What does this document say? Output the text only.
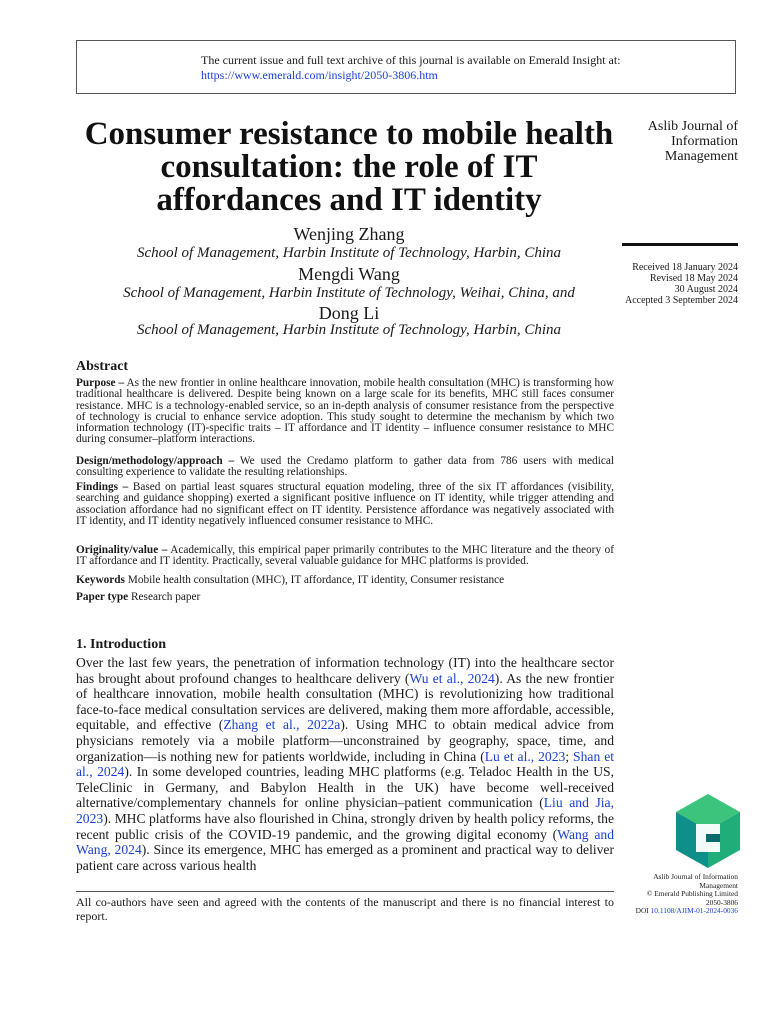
The current issue and full text archive of this journal is available on Emerald Insight at:
https://www.emerald.com/insight/2050-3806.htm
Consumer resistance to mobile health consultation: the role of IT affordances and IT identity
Wenjing Zhang
School of Management, Harbin Institute of Technology, Harbin, China
Mengdi Wang
School of Management, Harbin Institute of Technology, Weihai, China, and
Dong Li
School of Management, Harbin Institute of Technology, Harbin, China
Aslib Journal of Information Management
Received 18 January 2024
Revised 18 May 2024
30 August 2024
Accepted 3 September 2024
Abstract
Purpose – As the new frontier in online healthcare innovation, mobile health consultation (MHC) is transforming how traditional healthcare is delivered. Despite being known on a large scale for its benefits, MHC still faces consumer resistance. MHC is a technology-enabled service, so an in-depth analysis of consumer resistance from the perspective of technology is crucial to enhance service adoption. This study sought to determine the mechanism by which two information technology (IT)-specific traits – IT affordance and IT identity – influence consumer resistance to MHC during consumer–platform interactions.
Design/methodology/approach – We used the Credamo platform to gather data from 786 users with medical consulting experience to validate the resulting relationships.
Findings – Based on partial least squares structural equation modeling, three of the six IT affordances (visibility, searching and guidance shopping) exerted a significant positive influence on IT identity, while trigger attending and association affordance had no significant effect on IT identity. Persistence affordance was negatively associated with IT identity, and IT identity negatively influenced consumer resistance to MHC.
Originality/value – Academically, this empirical paper primarily contributes to the MHC literature and the theory of IT affordance and IT identity. Practically, several valuable guidance for MHC platforms is provided.
Keywords Mobile health consultation (MHC), IT affordance, IT identity, Consumer resistance
Paper type Research paper
1. Introduction
Over the last few years, the penetration of information technology (IT) into the healthcare sector has brought about profound changes to healthcare delivery (Wu et al., 2024). As the new frontier of healthcare innovation, mobile health consultation (MHC) is revolutionizing how traditional face-to-face medical consultation services are delivered, making them more affordable, accessible, equitable, and effective (Zhang et al., 2022a). Using MHC to obtain medical advice from physicians remotely via a mobile platform—unconstrained by geography, space, time, and organization—is nothing new for patients worldwide, including in China (Lu et al., 2023; Shan et al., 2024). In some developed countries, leading MHC platforms (e.g. Teladoc Health in the US, TeleClinic in Germany, and Babylon Health in the UK) have become well-received alternative/complementary channels for online physician–patient communication (Liu and Jia, 2023). MHC platforms have also flourished in China, strongly driven by health policy reforms, the recent public crisis of the COVID-19 pandemic, and the growing digital economy (Wang and Wang, 2024). Since its emergence, MHC has emerged as a prominent and practical way to deliver patient care across various health
All co-authors have seen and agreed with the contents of the manuscript and there is no financial interest to report.
Aslib Journal of Information
Management
© Emerald Publishing Limited
2050-3806
DOI 10.1108/AJIM-01-2024-0036
